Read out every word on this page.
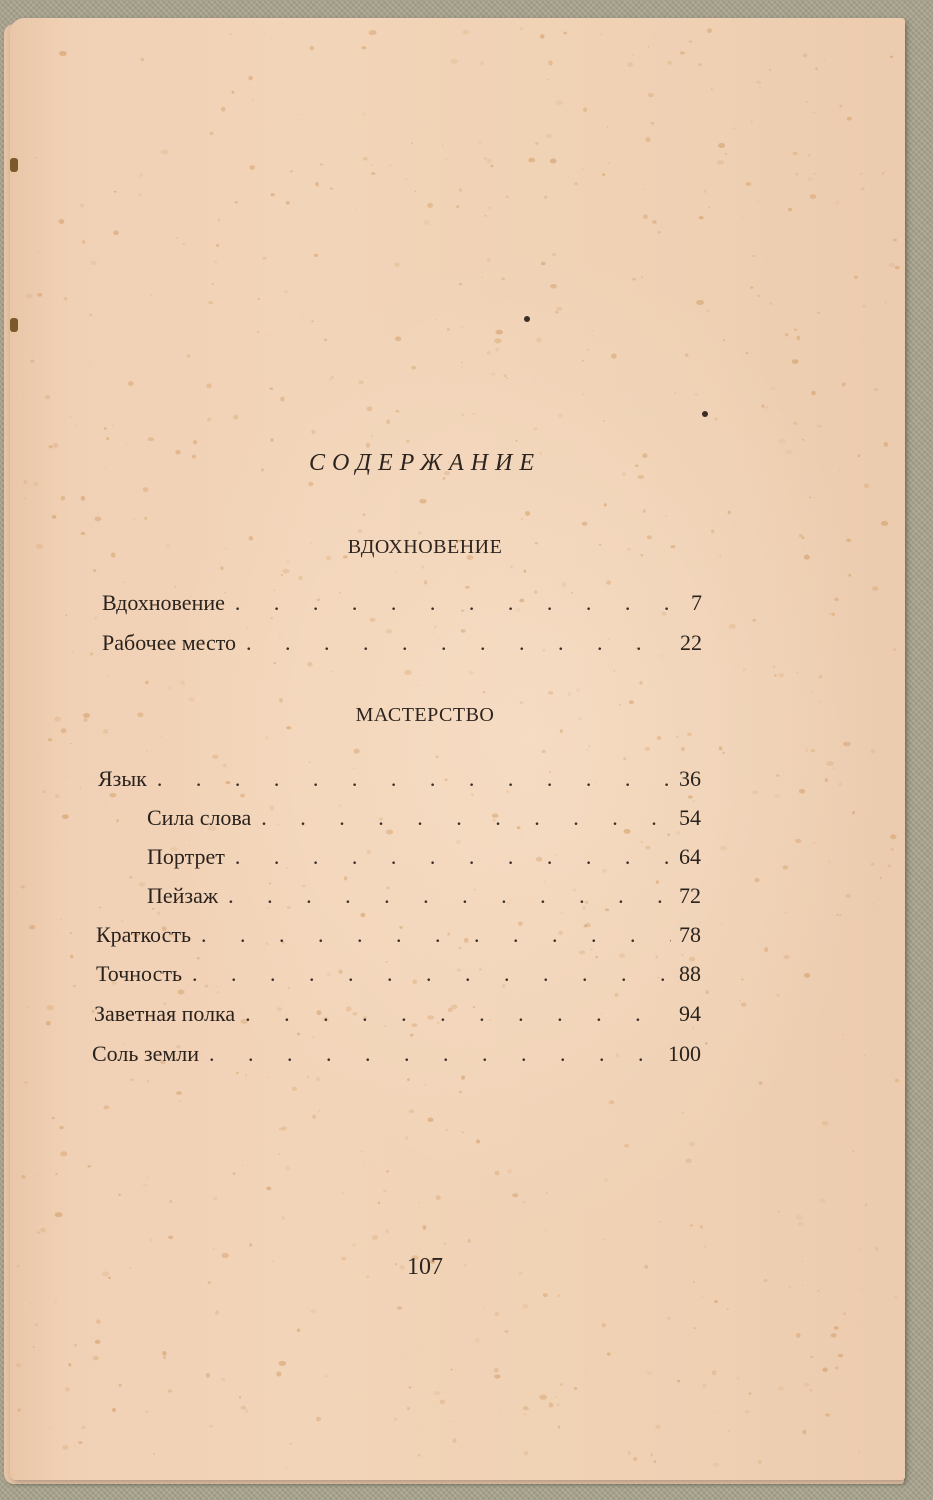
СОДЕРЖАНИЕ
ВДОХНОВЕНИЕ
Вдохновение . . .	7
Рабочее место . . .	22
МАСТЕРСТВО
Язык . . .	36
Сила слова . . .	54
Портрет . . .	64
Пейзаж . . .	72
Краткость . . .	78
Точность . . .	88
Заветная полка . . .	94
Соль земли . . .	100
107
